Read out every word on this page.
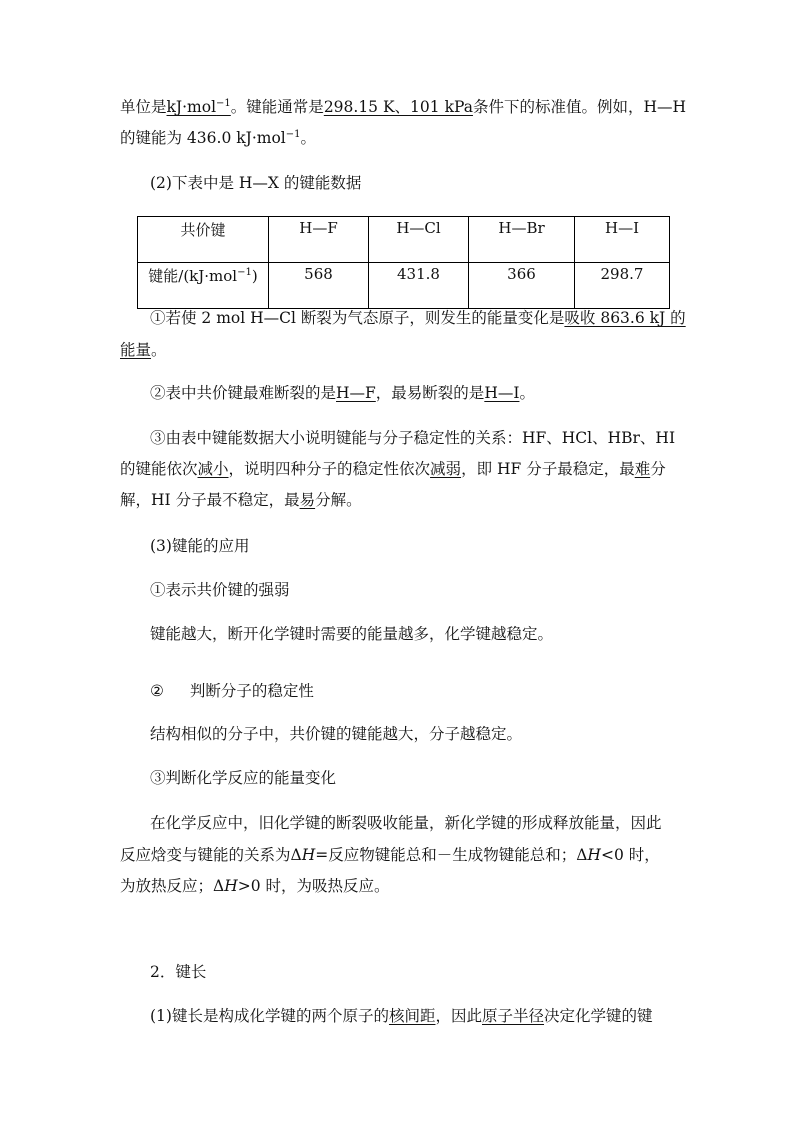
单位是kJ·mol$^{-1}$。键能通常是298.15 K、101 kPa条件下的标准值。例如，H—H
的键能为 436.0 kJ·mol$^{-1}$。
(2)下表中是 H—X 的键能数据
共价键	H—F	H—Cl	H—Br	H—I
键能/(kJ·mol$^{-1}$)	568	431.8	366	298.7
①若使 2 mol H—Cl 断裂为气态原子，则发生的能量变化是吸收 863.6 kJ 的
能量。
②表中共价键最难断裂的是H—F，最易断裂的是H—I。
③由表中键能数据大小说明键能与分子稳定性的关系：HF、HCl、HBr、HI
的键能依次减小，说明四种分子的稳定性依次减弱，即 HF 分子最稳定，最难分
解，HI 分子最不稳定，最易分解。
(3)键能的应用
①表示共价键的强弱
键能越大，断开化学键时需要的能量越多，化学键越稳定。
② 判断分子的稳定性
结构相似的分子中，共价键的键能越大，分子越稳定。
③判断化学反应的能量变化
在化学反应中，旧化学键的断裂吸收能量，新化学键的形成释放能量，因此
反应焓变与键能的关系为ΔH=反应物键能总和－生成物键能总和；ΔH<0 时，
为放热反应；ΔH>0 时，为吸热反应。
2．键长
(1)键长是构成化学键的两个原子的核间距，因此原子半径决定化学键的键
